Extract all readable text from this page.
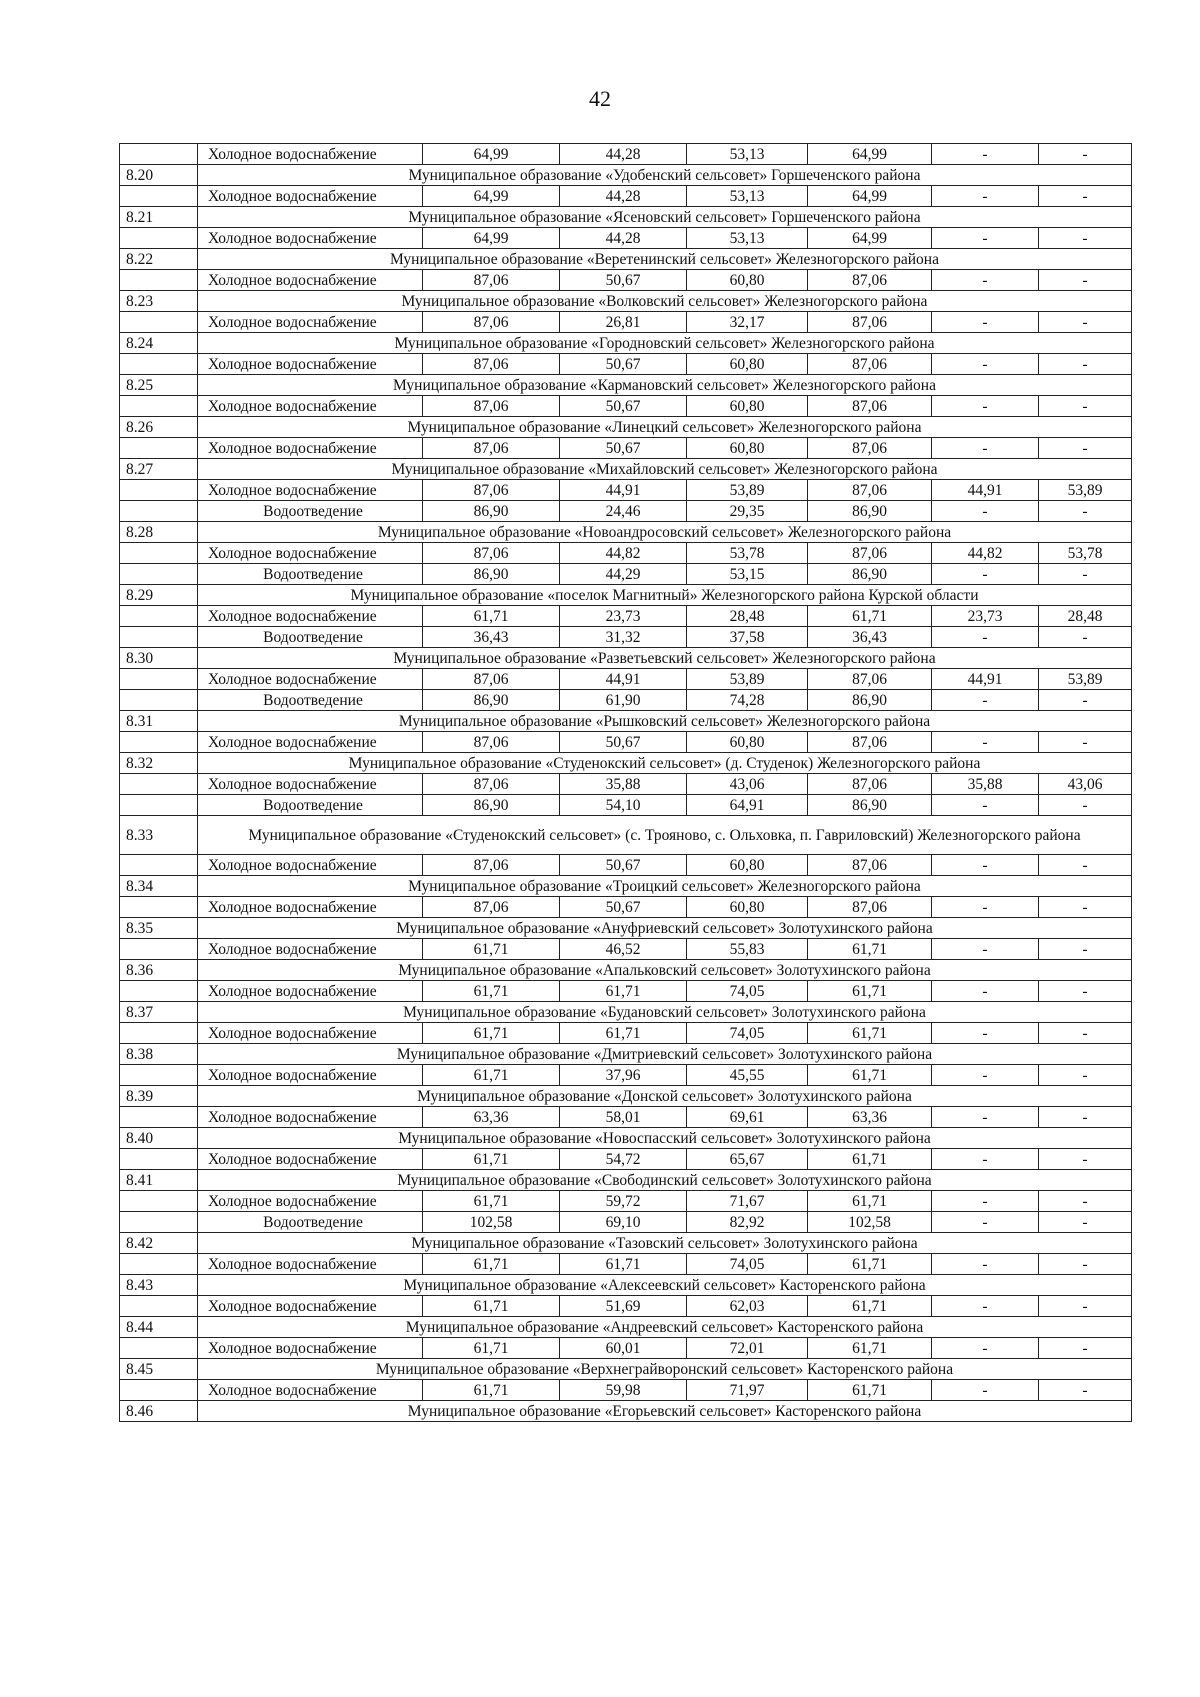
42
	Холодное водоснабжение	64,99	44,28	53,13	64,99	-	-
8.20	Муниципальное образование «Удобенский сельсовет» Горшеченского района						
	Холодное водоснабжение	64,99	44,28	53,13	64,99	-	-
8.21	Муниципальное образование «Ясеновский сельсовет» Горшеченского района						
	Холодное водоснабжение	64,99	44,28	53,13	64,99	-	-
8.22	Муниципальное образование «Веретенинский сельсовет» Железногорского района						
	Холодное водоснабжение	87,06	50,67	60,80	87,06	-	-
8.23	Муниципальное образование «Волковский сельсовет» Железногорского района						
	Холодное водоснабжение	87,06	26,81	32,17	87,06	-	-
8.24	Муниципальное образование «Городновский сельсовет» Железногорского района						
	Холодное водоснабжение	87,06	50,67	60,80	87,06	-	-
8.25	Муниципальное образование «Кармановский сельсовет» Железногорского района						
	Холодное водоснабжение	87,06	50,67	60,80	87,06	-	-
8.26	Муниципальное образование «Линецкий сельсовет» Железногорского района						
	Холодное водоснабжение	87,06	50,67	60,80	87,06	-	-
8.27	Муниципальное образование «Михайловский сельсовет» Железногорского района						
	Холодное водоснабжение	87,06	44,91	53,89	87,06	44,91	53,89
	Водоотведение	86,90	24,46	29,35	86,90	-	-
8.28	Муниципальное образование «Новоандросовский сельсовет» Железногорского района						
	Холодное водоснабжение	87,06	44,82	53,78	87,06	44,82	53,78
	Водоотведение	86,90	44,29	53,15	86,90	-	-
8.29	Муниципальное образование «поселок Магнитный» Железногорского района Курской области						
	Холодное водоснабжение	61,71	23,73	28,48	61,71	23,73	28,48
	Водоотведение	36,43	31,32	37,58	36,43	-	-
8.30	Муниципальное образование «Разветьевский сельсовет» Железногорского района						
	Холодное водоснабжение	87,06	44,91	53,89	87,06	44,91	53,89
	Водоотведение	86,90	61,90	74,28	86,90	-	-
8.31	Муниципальное образование «Рышковский сельсовет» Железногорского района						
	Холодное водоснабжение	87,06	50,67	60,80	87,06	-	-
8.32	Муниципальное образование «Студенокский сельсовет» (д. Студенок) Железногорского района						
	Холодное водоснабжение	87,06	35,88	43,06	87,06	35,88	43,06
	Водоотведение	86,90	54,10	64,91	86,90	-	-
8.33	Муниципальное образование «Студенокский сельсовет» (с. Трояново, с. Ольховка, п. Гавриловский) Железногорского района						
	Холодное водоснабжение	87,06	50,67	60,80	87,06	-	-
8.34	Муниципальное образование «Троицкий сельсовет» Железногорского района						
	Холодное водоснабжение	87,06	50,67	60,80	87,06	-	-
8.35	Муниципальное образование «Ануфриевский сельсовет» Золотухинского района						
	Холодное водоснабжение	61,71	46,52	55,83	61,71	-	-
8.36	Муниципальное образование «Апальковский сельсовет» Золотухинского района						
	Холодное водоснабжение	61,71	61,71	74,05	61,71	-	-
8.37	Муниципальное образование «Будановский сельсовет» Золотухинского района						
	Холодное водоснабжение	61,71	61,71	74,05	61,71	-	-
8.38	Муниципальное образование «Дмитриевский сельсовет» Золотухинского района						
	Холодное водоснабжение	61,71	37,96	45,55	61,71	-	-
8.39	Муниципальное образование «Донской сельсовет» Золотухинского района						
	Холодное водоснабжение	63,36	58,01	69,61	63,36	-	-
8.40	Муниципальное образование «Новоспасский сельсовет» Золотухинского района						
	Холодное водоснабжение	61,71	54,72	65,67	61,71	-	-
8.41	Муниципальное образование «Свободинский сельсовет» Золотухинского района						
	Холодное водоснабжение	61,71	59,72	71,67	61,71	-	-
	Водоотведение	102,58	69,10	82,92	102,58	-	-
8.42	Муниципальное образование «Тазовский сельсовет» Золотухинского района						
	Холодное водоснабжение	61,71	61,71	74,05	61,71	-	-
8.43	Муниципальное образование «Алексеевский сельсовет» Касторенского района						
	Холодное водоснабжение	61,71	51,69	62,03	61,71	-	-
8.44	Муниципальное образование «Андреевский сельсовет» Касторенского района						
	Холодное водоснабжение	61,71	60,01	72,01	61,71	-	-
8.45	Муниципальное образование «Верхнеграйворонский сельсовет» Касторенского района						
	Холодное водоснабжение	61,71	59,98	71,97	61,71	-	-
8.46	Муниципальное образование «Егорьевский сельсовет» Касторенского района						
